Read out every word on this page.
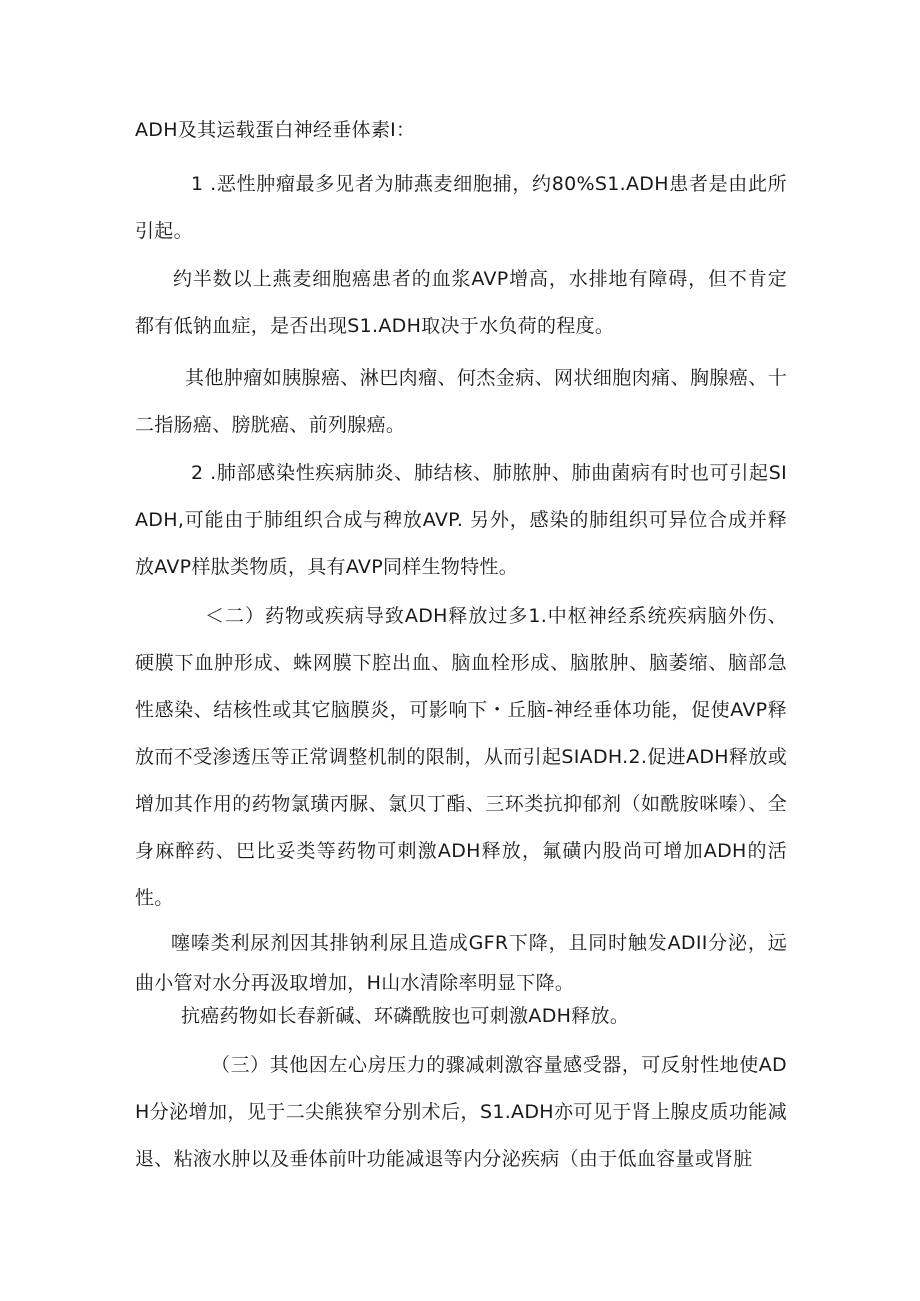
ADH及其运载蛋白神经垂体素I：

1 .恶性肿瘤最多见者为肺燕麦细胞捕，约80%S1.ADH患者是由此所引起。

约半数以上燕麦细胞癌患者的血浆AVP增高，水排地有障碍，但不肯定都有低钠血症，是否出现S1.ADH取决于水负荷的程度。

其他肿瘤如胰腺癌、淋巴肉瘤、何杰金病、网状细胞肉痛、胸腺癌、十二指肠癌、膀胱癌、前列腺癌。

2 .肺部感染性疾病肺炎、肺结核、肺脓肿、肺曲菌病有时也可引起SIADH,可能由于肺组织合成与稗放AVP. 另外，感染的肺组织可异位合成并释放AVP样肽类物质，具有AVP同样生物特性。

＜二）药物或疾病导致ADH释放过多1.中枢神经系统疾病脑外伤、硬膜下血肿形成、蛛网膜下腔出血、脑血栓形成、脑脓肿、脑萎缩、脑部急性感染、结核性或其它脑膜炎，可影响下・丘脑-神经垂体功能，促使AVP释放而不受渗透压等正常调整机制的限制，从而引起SIADH.2.促进ADH释放或增加其作用的药物氯璜丙脲、氯贝丁酯、三环类抗抑郁剂（如酰胺咪嗪）、全身麻醉药、巴比妥类等药物可刺激ADH释放，氟磺内股尚可增加ADH的活性。

噻嗪类利尿剂因其排钠利尿且造成GFR下降，且同时触发ADII分泌，远曲小管对水分再汲取增加，H山水清除率明显下降。

抗癌药物如长春新碱、环磷酰胺也可刺激ADH释放。

（三）其他因左心房压力的骤减刺激容量感受器，可反射性地使ADH分泌增加，见于二尖熊狭窄分别术后，S1.ADH亦可见于肾上腺皮质功能减退、粘液水肿以及垂体前叶功能减退等内分泌疾病（由于低血容量或肾脏
